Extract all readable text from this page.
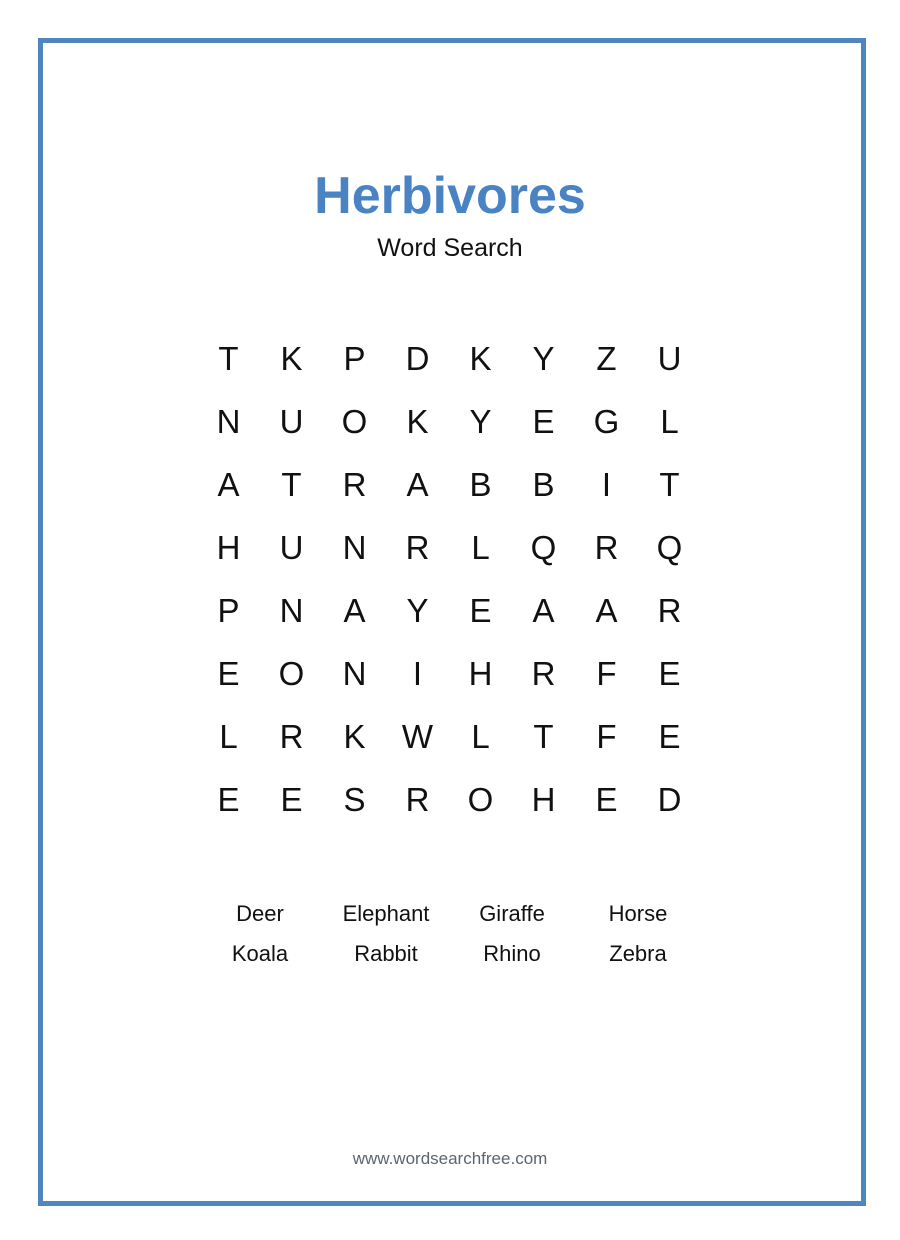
Herbivores
Word Search
T	K	P	D	K	Y	Z	U
N	U	O	K	Y	E	G	L
A	T	R	A	B	B	I	T
H	U	N	R	L	Q	R	Q
P	N	A	Y	E	A	A	R
E	O	N	I	H	R	F	E
L	R	K	W	L	T	F	E
E	E	S	R	O	H	E	D
Deer	Elephant	Giraffe	Horse
Koala	Rabbit	Rhino	Zebra
www.wordsearchfree.com
